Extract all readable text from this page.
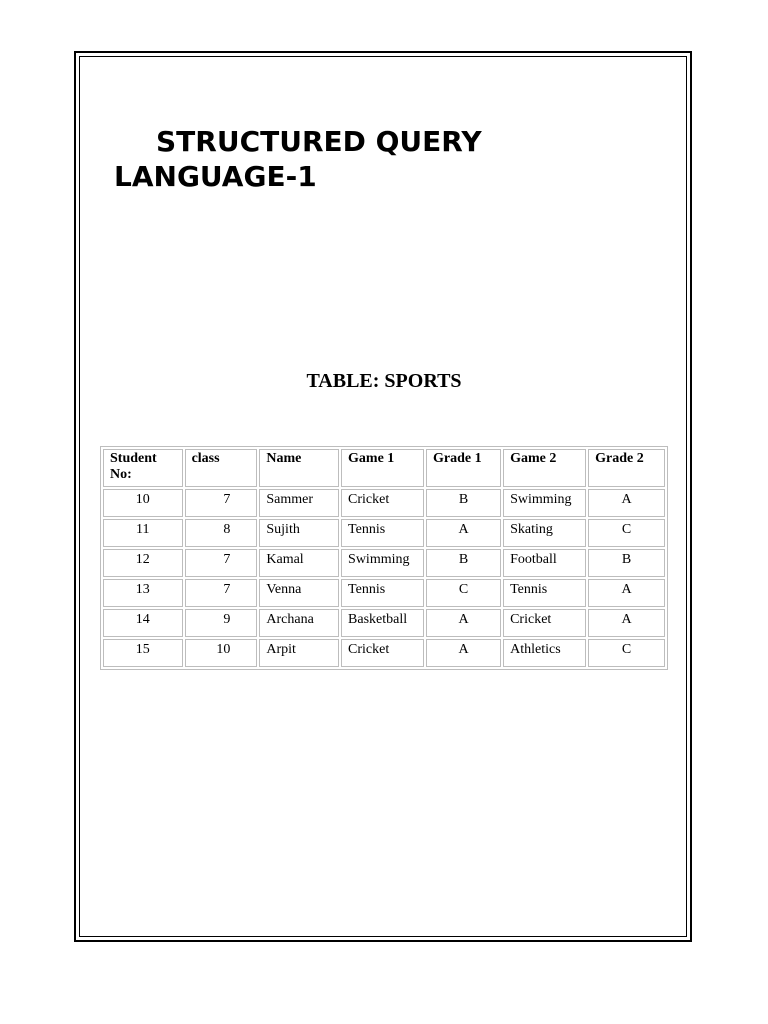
STRUCTURED QUERY LANGUAGE-1
TABLE: SPORTS
Student No:	class	Name	Game 1	Grade 1	Game 2	Grade 2
10	7	Sammer	Cricket	B	Swimming	A
11	8	Sujith	Tennis	A	Skating	C
12	7	Kamal	Swimming	B	Football	B
13	7	Venna	Tennis	C	Tennis	A
14	9	Archana	Basketball	A	Cricket	A
15	10	Arpit	Cricket	A	Athletics	C
